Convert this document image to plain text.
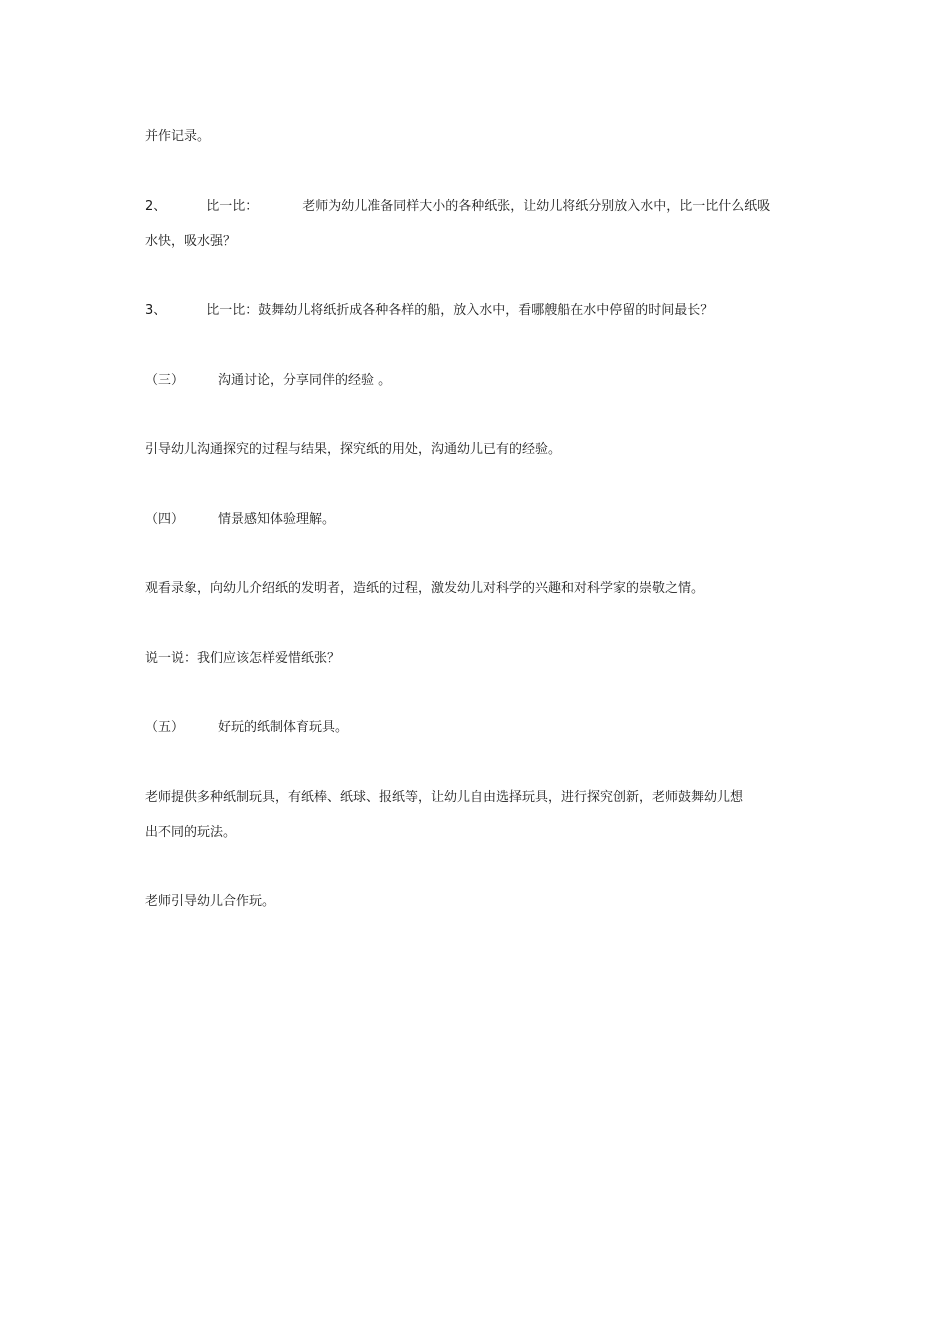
并作记录。
2、	比一比：	老师为幼儿准备同样大小的各种纸张，让幼儿将纸分别放入水中，比一比什么纸吸
水快，吸水强？
3、	比一比：鼓舞幼儿将纸折成各种各样的船，放入水中，看哪艘船在水中停留的时间最长？
（三）	沟通讨论，分享同伴的经验 。
引导幼儿沟通探究的过程与结果，探究纸的用处，沟通幼儿已有的经验。
（四）	情景感知体验理解。
观看录象，向幼儿介绍纸的发明者，造纸的过程，激发幼儿对科学的兴趣和对科学家的崇敬之情。
说一说：我们应该怎样爱惜纸张？
（五）	好玩的纸制体育玩具。
老师提供多种纸制玩具，有纸棒、纸球、报纸等，让幼儿自由选择玩具，进行探究创新，老师鼓舞幼儿想
出不同的玩法。
老师引导幼儿合作玩。
